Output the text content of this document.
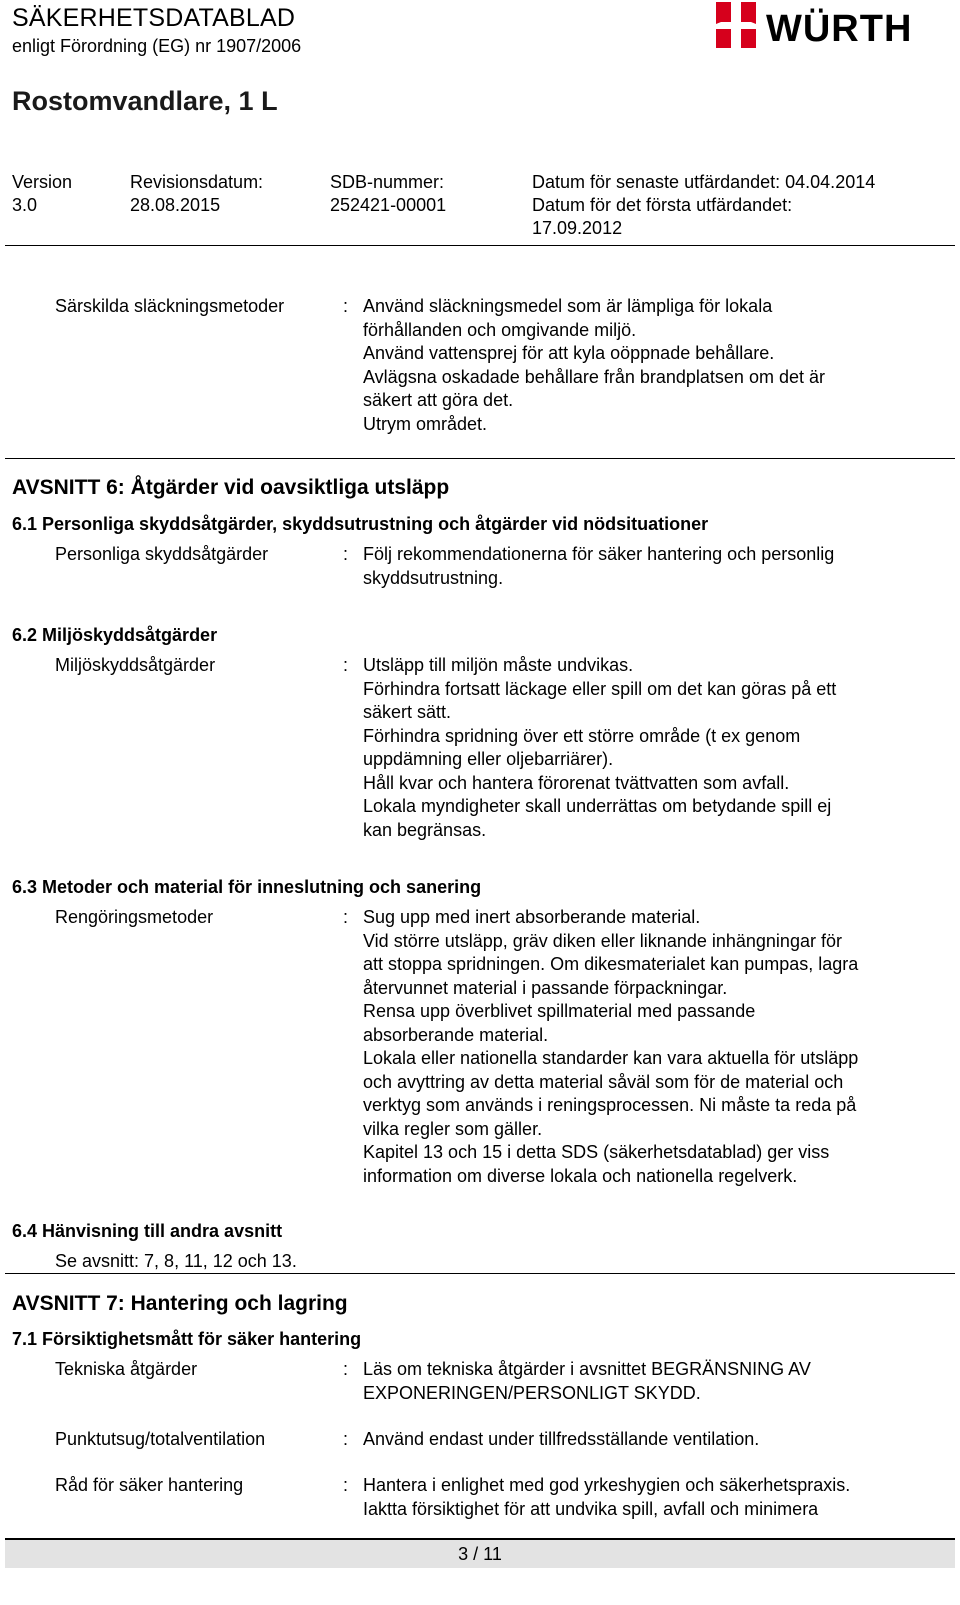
SÄKERHETSDATABLAD
enligt Förordning (EG) nr 1907/2006	WÜRTH
Rostomvandlare, 1 L
Version
3.0
Revisionsdatum:
28.08.2015
SDB-nummer:
252421-00001
Datum för senaste utfärdandet: 04.04.2014
Datum för det första utfärdandet:
17.09.2012
Särskilda släckningsmetoder	: Använd släckningsmedel som är lämpliga för lokala
förhållanden och omgivande miljö.
Använd vattensprej för att kyla oöppnade behållare.
Avlägsna oskadade behållare från brandplatsen om det är
säkert att göra det.
Utrym området.
AVSNITT 6: Åtgärder vid oavsiktliga utsläpp
6.1 Personliga skyddsåtgärder, skyddsutrustning och åtgärder vid nödsituationer
Personliga skyddsåtgärder	: Följ rekommendationerna för säker hantering och personlig
skyddsutrustning.
6.2 Miljöskyddsåtgärder
Miljöskyddsåtgärder	: Utsläpp till miljön måste undvikas.
Förhindra fortsatt läckage eller spill om det kan göras på ett
säkert sätt.
Förhindra spridning över ett större område (t ex genom
uppdämning eller oljebarriärer).
Håll kvar och hantera förorenat tvättvatten som avfall.
Lokala myndigheter skall underrättas om betydande spill ej
kan begränsas.
6.3 Metoder och material för inneslutning och sanering
Rengöringsmetoder	: Sug upp med inert absorberande material.
Vid större utsläpp, gräv diken eller liknande inhängningar för
att stoppa spridningen. Om dikesmaterialet kan pumpas, lagra
återvunnet material i passande förpackningar.
Rensa upp överblivet spillmaterial med passande
absorberande material.
Lokala eller nationella standarder kan vara aktuella för utsläpp
och avyttring av detta material såväl som för de material och
verktyg som används i reningsprocessen. Ni måste ta reda på
vilka regler som gäller.
Kapitel 13 och 15 i detta SDS (säkerhetsdatablad) ger viss
information om diverse lokala och nationella regelverk.
6.4 Hänvisning till andra avsnitt
Se avsnitt: 7, 8, 11, 12 och 13.
AVSNITT 7: Hantering och lagring
7.1 Försiktighetsmått för säker hantering
Tekniska åtgärder	: Läs om tekniska åtgärder i avsnittet BEGRÄNSNING AV
EXPONERINGEN/PERSONLIGT SKYDD.
Punktutsug/totalventilation	: Använd endast under tillfredsställande ventilation.
Råd för säker hantering	: Hantera i enlighet med god yrkeshygien och säkerhetspraxis.
Iaktta försiktighet för att undvika spill, avfall och minimera
3 / 11
